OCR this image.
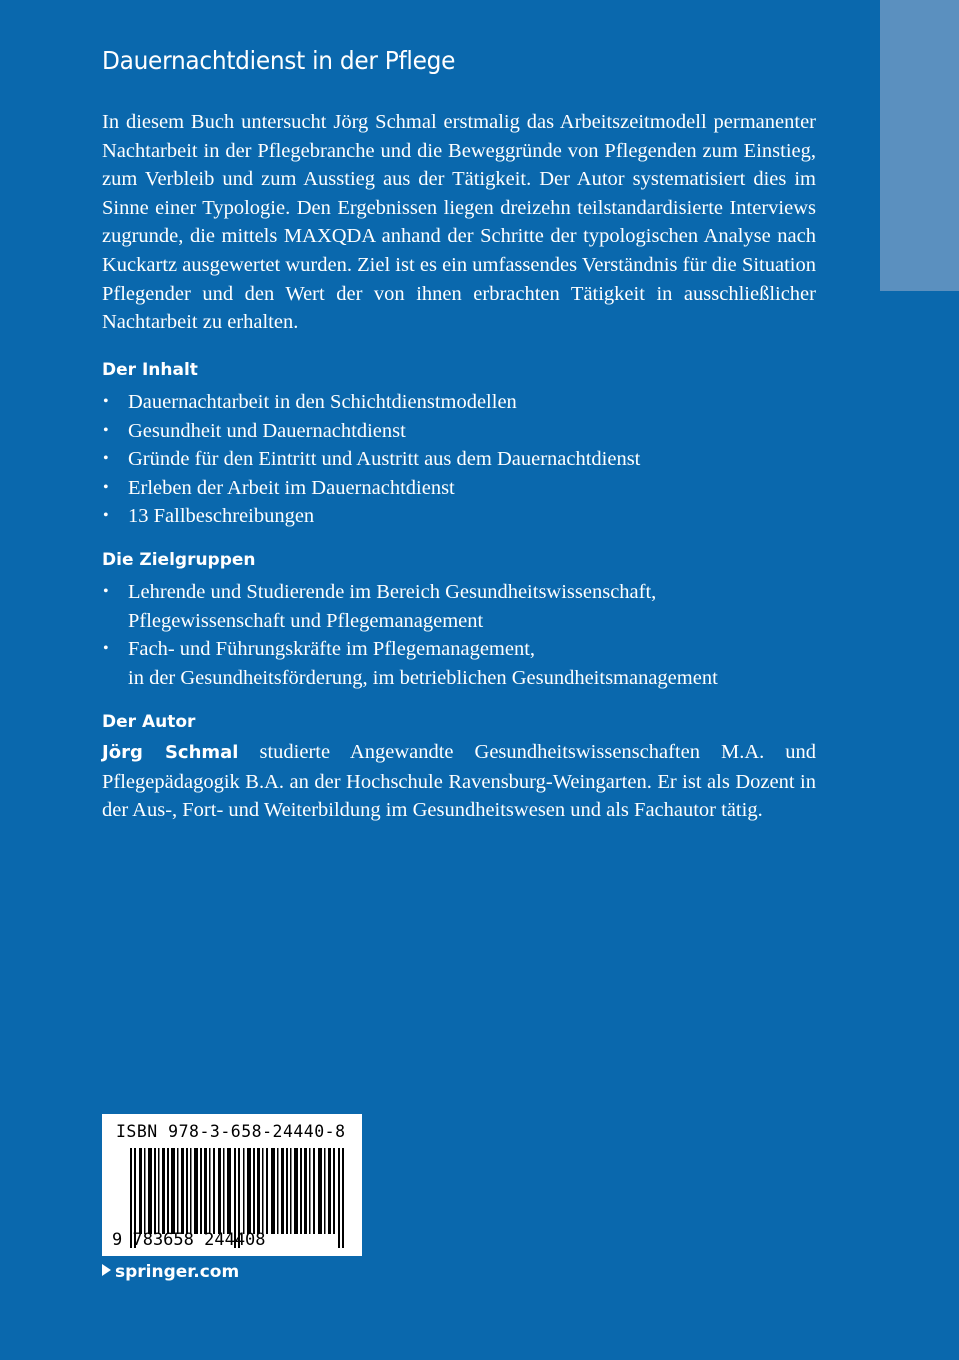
Dauernachtdienst in der Pflege

In diesem Buch untersucht Jörg Schmal erstmalig das Arbeitszeitmodell permanenter Nachtarbeit in der Pflegebranche und die Beweggründe von Pflegenden zum Einstieg, zum Verbleib und zum Ausstieg aus der Tätigkeit. Der Autor systematisiert dies im Sinne einer Typologie. Den Ergebnissen liegen dreizehn teilstandardisierte Interviews zugrunde, die mittels MAXQDA anhand der Schritte der typologischen Analyse nach Kuckartz ausgewertet wurden. Ziel ist es ein umfassendes Verständnis für die Situation Pflegender und den Wert der von ihnen erbrachten Tätigkeit in ausschließlicher Nachtarbeit zu erhalten.

Der Inhalt
• Dauernachtarbeit in den Schichtdienstmodellen
• Gesundheit und Dauernachtdienst
• Gründe für den Eintritt und Austritt aus dem Dauernachtdienst
• Erleben der Arbeit im Dauernachtdienst
• 13 Fallbeschreibungen
Die Zielgruppen
• Lehrende und Studierende im Bereich Gesundheitswissenschaft,
Pflegewissenschaft und Pflegemanagement
• Fach- und Führungskräfte im Pflegemanagement,
in der Gesundheitsförderung, im betrieblichen Gesundheitsmanagement
Der Autor

Jörg Schmal studierte Angewandte Gesundheitswissenschaften M.A. und Pflegepädagogik B.A. an der Hochschule Ravensburg-Weingarten. Er ist als Dozent in der Aus-, Fort- und Weiterbildung im Gesundheitswesen und als Fachautor tätig.

ISBN 978-3-658-24440-8
9 783658 244408
springer.com
